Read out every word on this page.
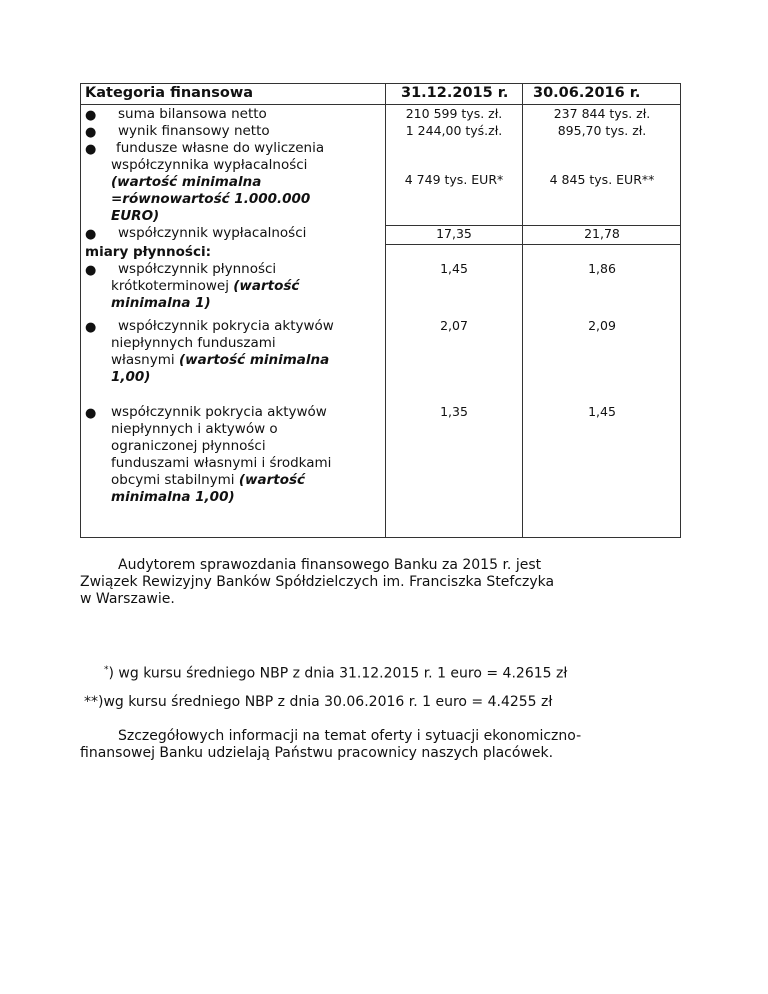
Kategoria finansowa	31.12.2015 r. 30.06.2016 r.
● suma bilansowa netto	210 599 tys. zł.	237 844 tys. zł.
● wynik finansowy netto	1 244,00 tyś.zł.	895,70 tys. zł.
● fundusze własne do wyliczenia
współczynnika wypłacalności
(wartość minimalna
=równowartość 1.000.000
EURO)
4 749 tys. EUR*	4 845 tys. EUR**
● współczynnik wypłacalności	17,35	21,78
miary płynności:
● współczynnik płynności
krótkoterminowej (wartość
minimalna 1)
1,45	1,86
● współczynnik pokrycia aktywów
niepłynnych funduszami
własnymi (wartość minimalna
1,00)
2,07	2,09
● współczynnik pokrycia aktywów
niepłynnych i aktywów o
ograniczonej płynności
funduszami własnymi i środkami
obcymi stabilnymi (wartość
minimalna 1,00)
1,35	1,45
Audytorem sprawozdania finansowego Banku za 2015 r. jest
Związek Rewizyjny Banków Spółdzielczych im. Franciszka Stefczyka
w Warszawie.
*) wg kursu średniego NBP z dnia 31.12.2015 r. 1 euro = 4.2615 zł
**)wg kursu średniego NBP z dnia 30.06.2016 r. 1 euro = 4.4255 zł
Szczegółowych informacji na temat oferty i sytuacji ekonomiczno-
finansowej Banku udzielają Państwu pracownicy naszych placówek.
